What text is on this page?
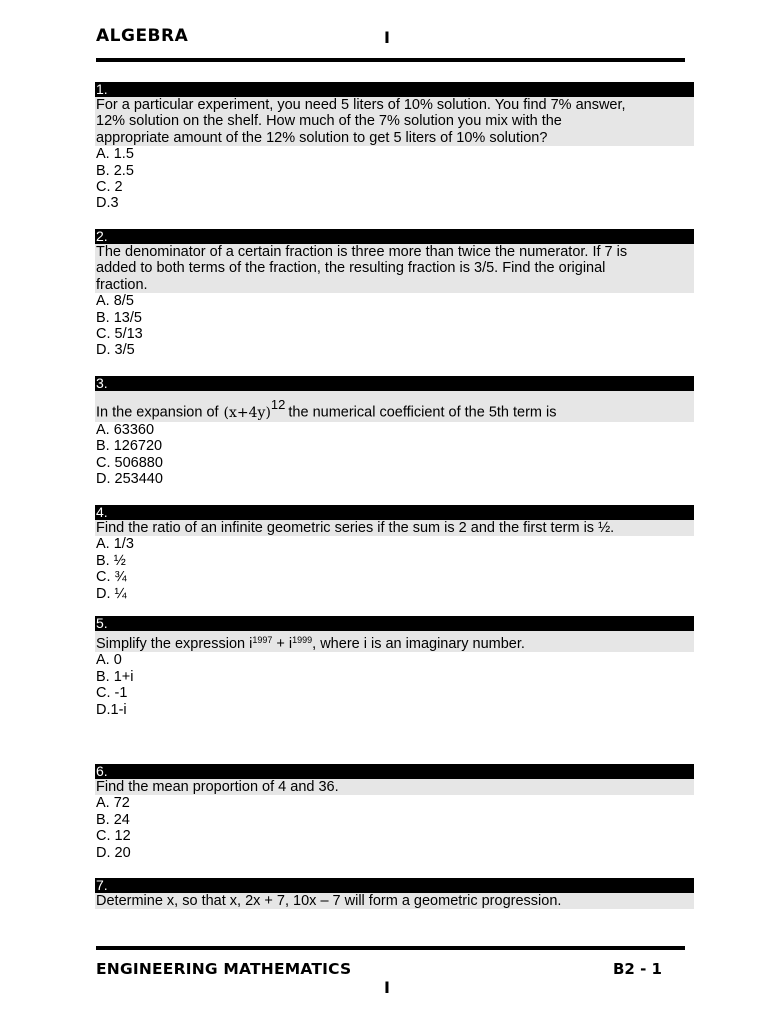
ALGEBRA	I
1.
For a particular experiment, you need 5 liters of 10% solution. You find 7% answer,
12% solution on the shelf. How much of the 7% solution you mix with the
appropriate amount of the 12% solution to get 5 liters of 10% solution?
A. 1.5
B. 2.5
C. 2
D.3
2.
The denominator of a certain fraction is three more than twice the numerator. If 7 is
added to both terms of the fraction, the resulting fraction is 3/5. Find the original
fraction.
A. 8/5
B. 13/5
C. 5/13
D. 3/5
3.
In the expansion of $(x+4y)^{12}the$ numerical coefficient of the 5th term is
A. 63360
B. 126720
C. 506880
D. 253440
4.
Find the ratio of an infinite geometric series if the sum is 2 and the first term is ½.
A. 1/3
B. ½
C. ¾
D. ¼
5.
Simplify the expression $i^{1997} + i^{1999}$, where i is an imaginary number.
A. 0
B. 1+i
C. -1
D.1-i
6.
Find the mean proportion of 4 and 36.
A. 72
B. 24
C. 12
D. 20
7.
Determine x, so that x, 2x + 7, 10x – 7 will form a geometric progression.
ENGINEERING MATHEMATICS	B2 - 1
I
